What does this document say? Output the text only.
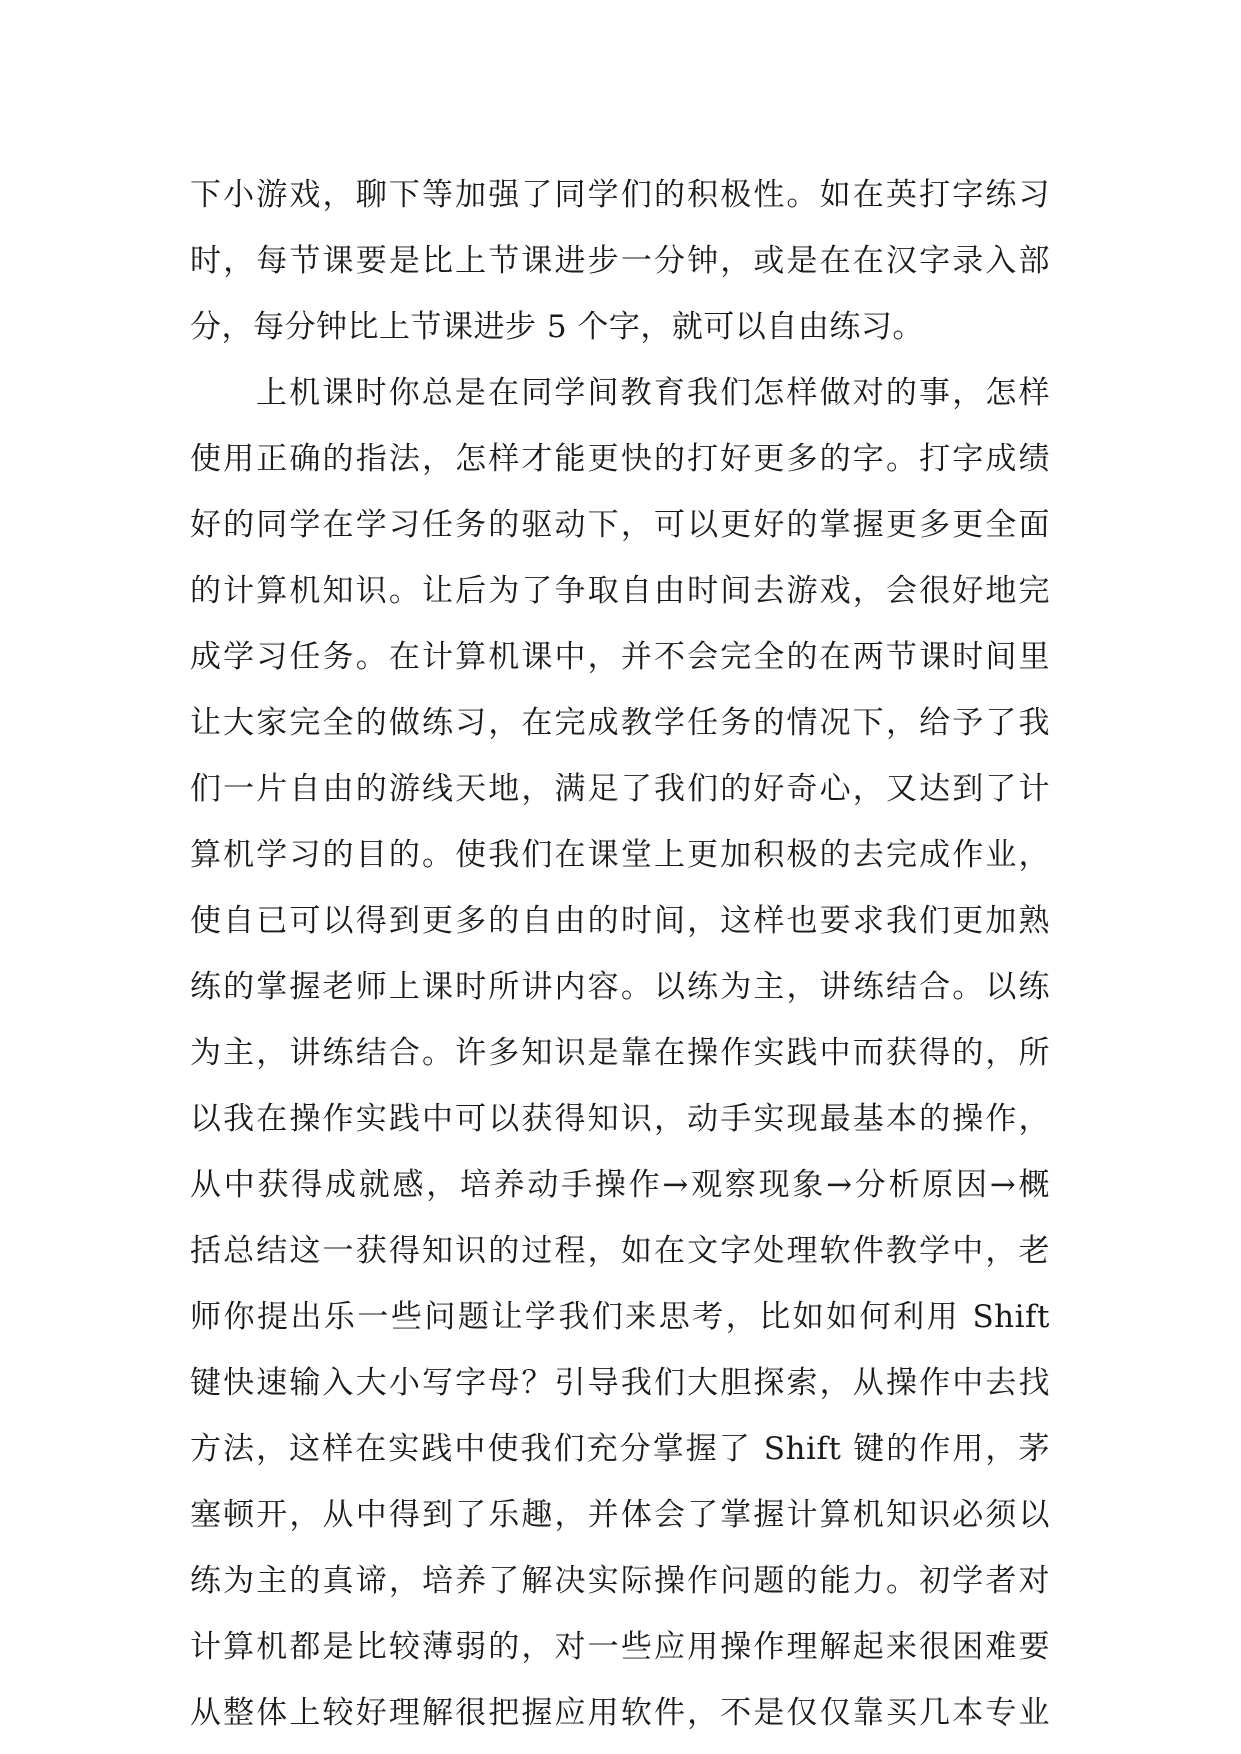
下小游戏，聊下等加强了同学们的积极性。如在英打字练习
时，每节课要是比上节课进步一分钟，或是在在汉字录入部
分，每分钟比上节课进步 5 个字，就可以自由练习。
上机课时你总是在同学间教育我们怎样做对的事，怎样
使用正确的指法，怎样才能更快的打好更多的字。打字成绩
好的同学在学习任务的驱动下，可以更好的掌握更多更全面
的计算机知识。让后为了争取自由时间去游戏，会很好地完
成学习任务。在计算机课中，并不会完全的在两节课时间里
让大家完全的做练习，在完成教学任务的情况下，给予了我
们一片自由的游线天地，满足了我们的好奇心，又达到了计
算机学习的目的。使我们在课堂上更加积极的去完成作业，
使自已可以得到更多的自由的时间，这样也要求我们更加熟
练的掌握老师上课时所讲内容。以练为主，讲练结合。以练
为主，讲练结合。许多知识是靠在操作实践中而获得的，所
以我在操作实践中可以获得知识，动手实现最基本的操作，
从中获得成就感，培养动手操作→观察现象→分析原因→概
括总结这一获得知识的过程，如在文字处理软件教学中，老
师你提出乐一些问题让学我们来思考，比如如何利用 Shift
键快速输入大小写字母？引导我们大胆探索，从操作中去找
方法，这样在实践中使我们充分掌握了 Shift 键的作用，茅
塞顿开，从中得到了乐趣，并体会了掌握计算机知识必须以
练为主的真谛，培养了解决实际操作问题的能力。初学者对
计算机都是比较薄弱的，对一些应用操作理解起来很困难要
从整体上较好理解很把握应用软件，不是仅仅靠买几本专业
